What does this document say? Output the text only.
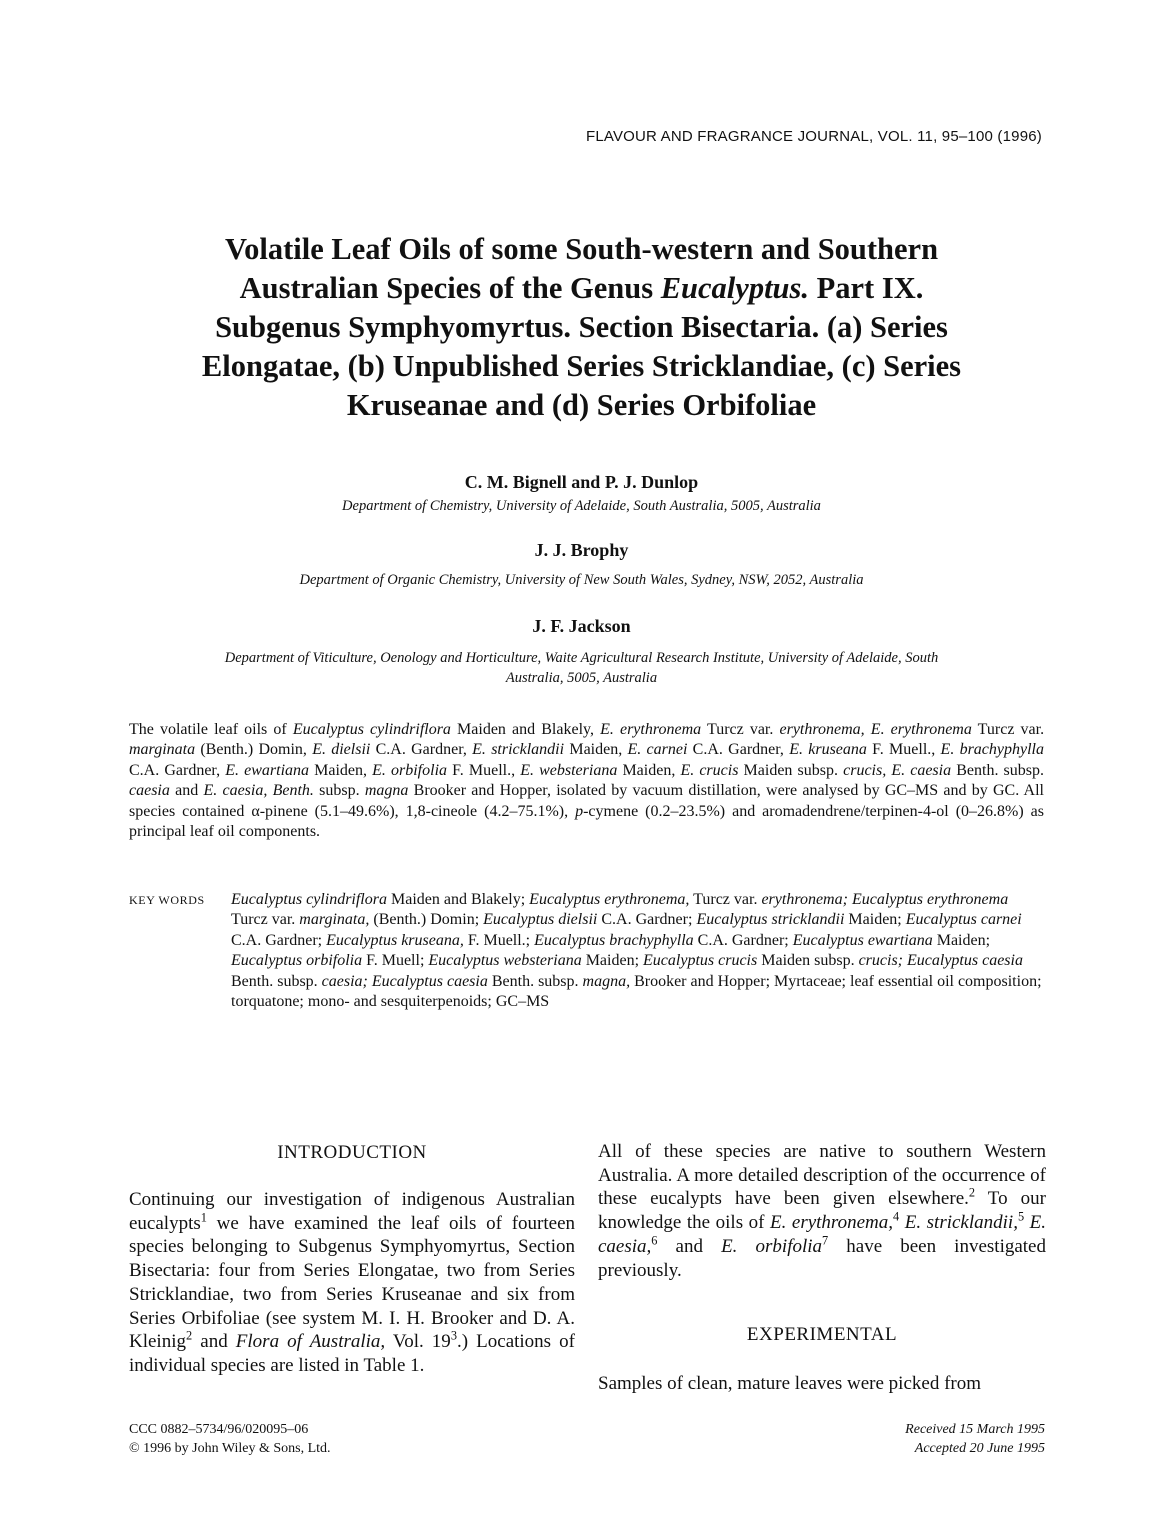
FLAVOUR AND FRAGRANCE JOURNAL, VOL. 11, 95–100 (1996)
Volatile Leaf Oils of some South-western and Southern
Australian Species of the Genus Eucalyptus. Part IX.
Subgenus Symphyomyrtus. Section Bisectaria. (a) Series
Elongatae, (b) Unpublished Series Stricklandiae, (c) Series
Kruseanae and (d) Series Orbifoliae
C. M. Bignell and P. J. Dunlop
Department of Chemistry, University of Adelaide, South Australia, 5005, Australia
J. J. Brophy
Department of Organic Chemistry, University of New South Wales, Sydney, NSW, 2052, Australia
J. F. Jackson
Department of Viticulture, Oenology and Horticulture, Waite Agricultural Research Institute, University of Adelaide, South
Australia, 5005, Australia
The volatile leaf oils of Eucalyptus cylindriflora Maiden and Blakely, E. erythronema Turcz var. erythronema, E. erythronema Turcz var. marginata (Benth.) Domin, E. dielsii C.A. Gardner, E. stricklandii Maiden, E. carnei C.A. Gardner, E. kruseana F. Muell., E. brachyphylla C.A. Gardner, E. ewartiana Maiden, E. orbifolia F. Muell., E. websteriana Maiden, E. crucis Maiden subsp. crucis, E. caesia Benth. subsp. caesia and E. caesia, Benth. subsp. magna Brooker and Hopper, isolated by vacuum distillation, were analysed by GC–MS and by GC. All species contained α-pinene (5.1–49.6%), 1,8-cineole (4.2–75.1%), p-cymene (0.2–23.5%) and aromadendrene/terpinen-4-ol (0–26.8%) as principal leaf oil components.
KEY WORDS Eucalyptus cylindriflora Maiden and Blakely; Eucalyptus erythronema, Turcz var. erythronema; Eucalyptus erythronema Turcz var. marginata, (Benth.) Domin; Eucalyptus dielsii C.A. Gardner; Eucalyptus stricklandii Maiden; Eucalyptus carnei C.A. Gardner; Eucalyptus kruseana, F. Muell.; Eucalyptus brachyphylla C.A. Gardner; Eucalyptus ewartiana Maiden; Eucalyptus orbifolia F. Muell; Eucalyptus websteriana Maiden; Eucalyptus crucis Maiden subsp. crucis; Eucalyptus caesia Benth. subsp. caesia; Eucalyptus caesia Benth. subsp. magna, Brooker and Hopper; Myrtaceae; leaf essential oil composition; torquatone; mono- and sesquiterpenoids; GC–MS
INTRODUCTION
Continuing our investigation of indigenous Australian eucalypts$^1$ we have examined the leaf oils of fourteen species belonging to Subgenus Symphyomyrtus, Section Bisectaria: four from Series Elongatae, two from Series Stricklandiae, two from Series Kruseanae and six from Series Orbifoliae (see system M. I. H. Brooker and D. A. Kleinig$^2$ and Flora of Australia, Vol. $19^3$.) Locations of individual species are listed in Table 1.
All of these species are native to southern Western Australia. A more detailed description of the occurrence of these eucalypts have been given elsewhere.$^2$ To our knowledge the oils of E. erythronema,$^4$ E. stricklandii,$^5$ E. caesia,$^6$ and E. orbifolia$^7$ have been investigated previously.
EXPERIMENTAL
Samples of clean, mature leaves were picked from
CCC 0882–5734/96/020095–06
© 1996 by John Wiley & Sons, Ltd.
Received 15 March 1995
Accepted 20 June 1995
